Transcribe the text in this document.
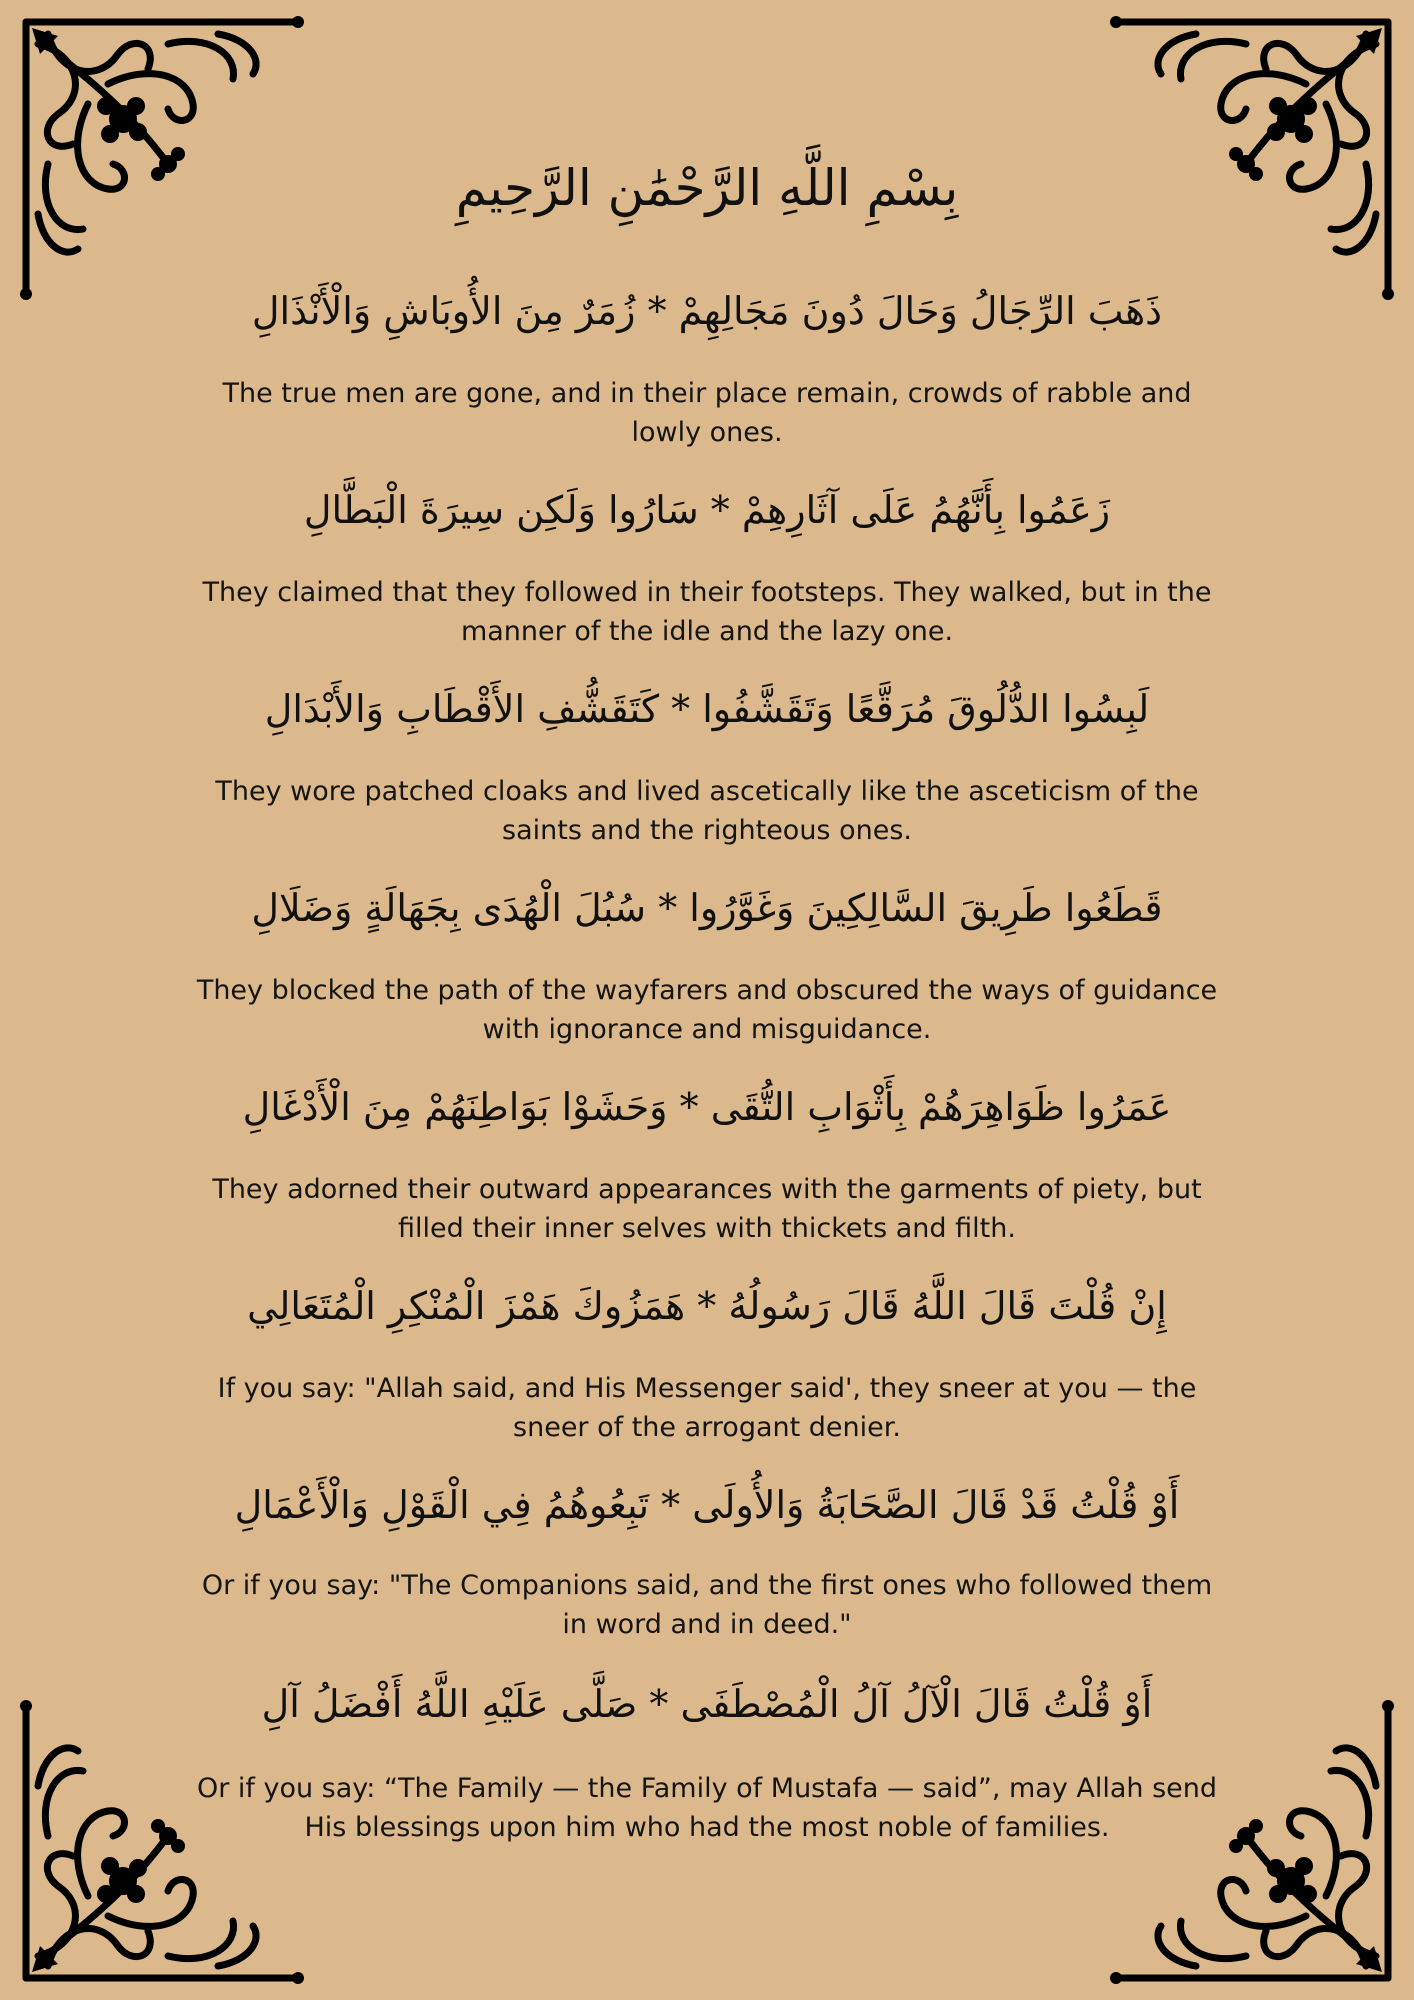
بِسْمِ اللَّهِ الرَّحْمَٰنِ الرَّحِيمِ
ذَهَبَ الرِّجَالُ وَحَالَ دُونَ مَجَالِهِمْ * زُمَرٌ مِنَ الأُوبَاشِ وَالْأَنْذَالِ
The true men are gone, and in their place remain, crowds of rabble and lowly ones.
زَعَمُوا بِأَنَّهُمُ عَلَى آثَارِهِمْ * سَارُوا وَلَكِن سِيرَةَ الْبَطَّالِ
They claimed that they followed in their footsteps. They walked, but in the manner of the idle and the lazy one.
لَبِسُوا الدُّلُوقَ مُرَقَّعًا وَتَقَشَّفُوا * كَتَقَشُّفِ الأَقْطَابِ وَالأَبْدَالِ
They wore patched cloaks and lived ascetically like the asceticism of the saints and the righteous ones.
قَطَعُوا طَرِيقَ السَّالِكِينَ وَغَوَّرُوا * سُبُلَ الْهُدَى بِجَهَالَةٍ وَضَلَالِ
They blocked the path of the wayfarers and obscured the ways of guidance with ignorance and misguidance.
عَمَرُوا ظَوَاهِرَهُمْ بِأَثْوَابِ التُّقَى * وَحَشَوْا بَوَاطِنَهُمْ مِنَ الْأَدْغَالِ
They adorned their outward appearances with the garments of piety, but filled their inner selves with thickets and filth.
إِنْ قُلْتَ قَالَ اللَّهُ قَالَ رَسُولُهُ * هَمَزُوكَ هَمْزَ الْمُنْكِرِ الْمُتَعَالِي
If you say: "Allah said, and His Messenger said', they sneer at you — the sneer of the arrogant denier.
أَوْ قُلْتُ قَدْ قَالَ الصَّحَابَةُ وَالأُولَى * تَبِعُوهُمُ فِي الْقَوْلِ وَالْأَعْمَالِ
Or if you say: "The Companions said, and the first ones who followed them in word and in deed."
أَوْ قُلْتُ قَالَ الْآلُ آلُ الْمُصْطَفَى * صَلَّى عَلَيْهِ اللَّهُ أَفْضَلُ آلِ
Or if you say: “The Family — the Family of Mustafa — said”, may Allah send His blessings upon him who had the most noble of families.
